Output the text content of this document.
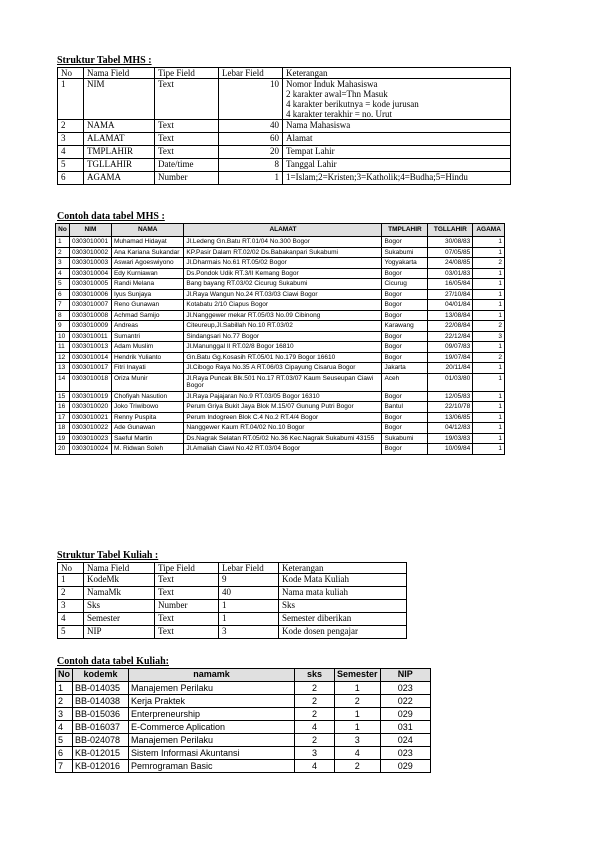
Struktur Tabel MHS :
No	Nama Field	Tipe Field	Lebar Field	Keterangan
1	NIM	Text	10	Nomor Induk Mahasiswa
2 karakter awal=Thn Masuk
4 karakter berikutnya = kode jurusan
4 karakter terakhir = no. Urut
2	NAMA	Text	40	Nama Mahasiswa
3	ALAMAT	Text	60	Alamat
4	TMPLAHIR	Text	20	Tempat Lahir
5	TGLLAHIR	Date/time	8	Tanggal Lahir
6	AGAMA	Number	1	1=Islam;2=Kristen;3=Katholik;4=Budha;5=Hindu
Contoh data tabel MHS :
No	NIM	NAMA	ALAMAT	TMPLAHIR	TGLLAHIR	AGAMA
1	0303010001	Muhamad Hidayat	Jl.Ledeng Gn.Batu RT.01/04 No.300 Bogor	Bogor	30/08/83	1
2	0303010002	Ana Kariana Sukandar	KP.Pasir Dalam RT.02/02 Ds.Babakanpari Sukabumi	Sukabumi	07/05/85	1
3	0303010003	Aswari Agoeswiyono	Jl.Dharmais No.61 RT.05/02 Bogor	Yogyakarta	24/08/85	2
4	0303010004	Edy Kurniawan	Ds.Pondok Udik RT.3/II Kemang Bogor	Bogor	03/01/83	1
5	0303010005	Randi Melana	Bang bayang RT.03/02 Cicurug Sukabumi	Cicurug	16/05/84	1
6	0303010006	Iyus Sunjaya	Jl.Raya Wangun No.24 RT.03/03 Ciawi Bogor	Bogor	27/10/84	1
7	0303010007	Reno Gunawan	Kotabatu 2/10 Ciapus Bogor	Bogor	04/01/84	1
8	0303010008	Achmad Samijo	Jl.Nanggewer mekar RT.05/03 No.09 Cibinong	Bogor	13/08/84	1
9	0303010009	Andreas	Citeureup,Jl.Sabillah No.10 RT.03/02	Karawang	22/08/84	2
10	0303010011	Sumantri	Sindangsari No.77 Bogor	Bogor	22/12/84	3
11	0303010013	Adam Muslim	Jl.Manunggal II RT.02/8 Bogor 16810	Bogor	09/07/83	1
12	0303010014	Hendrik Yulianto	Gn.Batu Gg.Kosasih RT.05/01 No.179 Bogor 16610	Bogor	19/07/84	2
13	0303010017	Fitri Inayati	Jl.Cibogo Raya No.35 A RT.06/03 Cipayung Cisarua Bogor	Jakarta	20/11/84	1
14	0303010018	Oriza Munir	Jl.Raya Puncak Blk.501 No.17 RT.03/07 Kaum Seuseupan Ciawi Bogor	Aceh	01/03/80	1
15	0303010019	Chofiyah Nasution	Jl.Raya Pajajaran No.9 RT.03/05 Bogor 16310	Bogor	12/05/83	1
16	0303010020	Joko Triwibowo	Perum Griya Bukit Jaya Blok M.15/07 Gunung Putri Bogor	Bantul	22/10/78	1
17	0303010021	Renny Puspita	Perum Indogreen Blok C.4 No.2 RT.4/4 Bogor	Bogor	13/06/85	1
18	0303010022	Ade Gunawan	Nanggewer Kaum RT.04/02 No.10 Bogor	Bogor	04/12/83	1
19	0303010023	Saeful Martin	Ds.Nagrak Selatan RT.05/02 No.36 Kec.Nagrak Sukabumi 43155	Sukabumi	19/03/83	1
20	0303010024	M. Ridwan Soleh	Jl.Amaliah Ciawi No.42 RT.03/04 Bogor	Bogor	10/09/84	1
Struktur Tabel Kuliah :
No	Nama Field	Tipe Field	Lebar Field	Keterangan
1	KodeMk	Text	9	Kode Mata Kuliah
2	NamaMk	Text	40	Nama mata kuliah
3	Sks	Number	1	Sks
4	Semester	Text	1	Semester diberikan
5	NIP	Text	3	Kode dosen pengajar
Contoh data tabel Kuliah:
No	kodemk	namamk	sks	Semester	NIP
1	BB-014035	Manajemen Perilaku	2	1	023
2	BB-014038	Kerja Praktek	2	2	022
3	BB-015036	Enterpreneurship	2	1	029
4	BB-016037	E-Commerce Aplication	4	1	031
5	BB-024078	Manajemen Perilaku	2	3	024
6	KB-012015	Sistem Informasi Akuntansi	3	4	023
7	KB-012016	Pemrograman Basic	4	2	029
